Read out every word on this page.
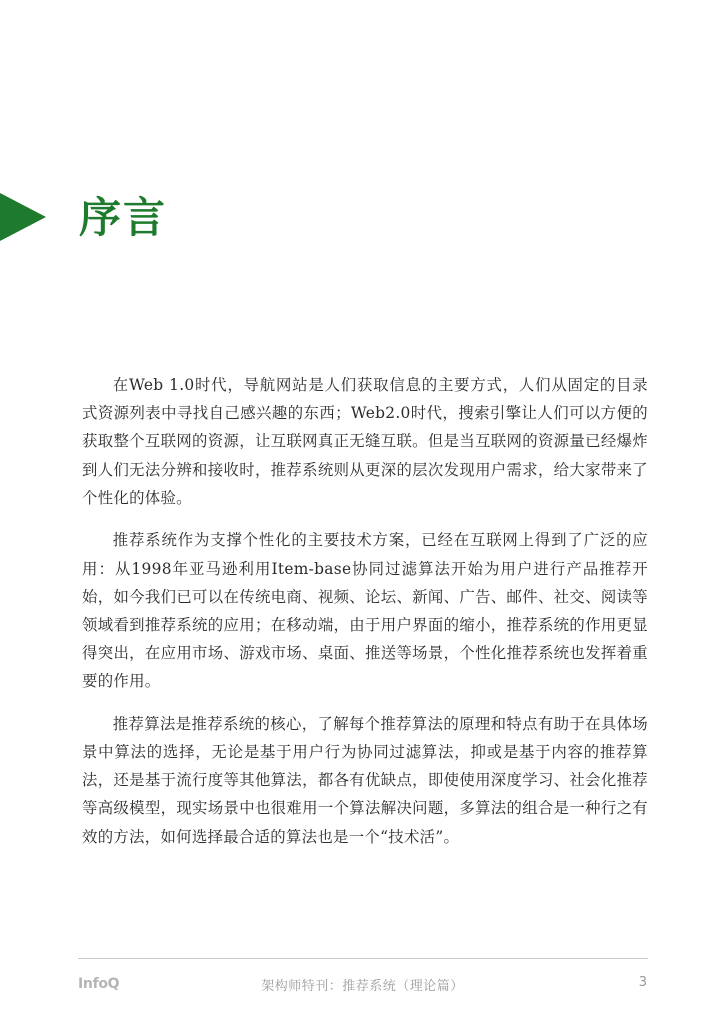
序言

在Web 1.0时代，导航网站是人们获取信息的主要方式，人们从固定的目录式资源列表中寻找自己感兴趣的东西；Web2.0时代，搜索引擎让人们可以方便的获取整个互联网的资源，让互联网真正无缝互联。但是当互联网的资源量已经爆炸到人们无法分辨和接收时，推荐系统则从更深的层次发现用户需求，给大家带来了个性化的体验。

推荐系统作为支撑个性化的主要技术方案，已经在互联网上得到了广泛的应用：从1998年亚马逊利用Item-base协同过滤算法开始为用户进行产品推荐开始，如今我们已可以在传统电商、视频、论坛、新闻、广告、邮件、社交、阅读等领域看到推荐系统的应用；在移动端，由于用户界面的缩小，推荐系统的作用更显得突出，在应用市场、游戏市场、桌面、推送等场景，个性化推荐系统也发挥着重要的作用。

推荐算法是推荐系统的核心，了解每个推荐算法的原理和特点有助于在具体场景中算法的选择，无论是基于用户行为协同过滤算法，抑或是基于内容的推荐算法，还是基于流行度等其他算法，都各有优缺点，即使使用深度学习、社会化推荐等高级模型，现实场景中也很难用一个算法解决问题，多算法的组合是一种行之有效的方法，如何选择最合适的算法也是一个“技术活”。

InfoQ	架构师特刊：推荐系统（理论篇）	3
